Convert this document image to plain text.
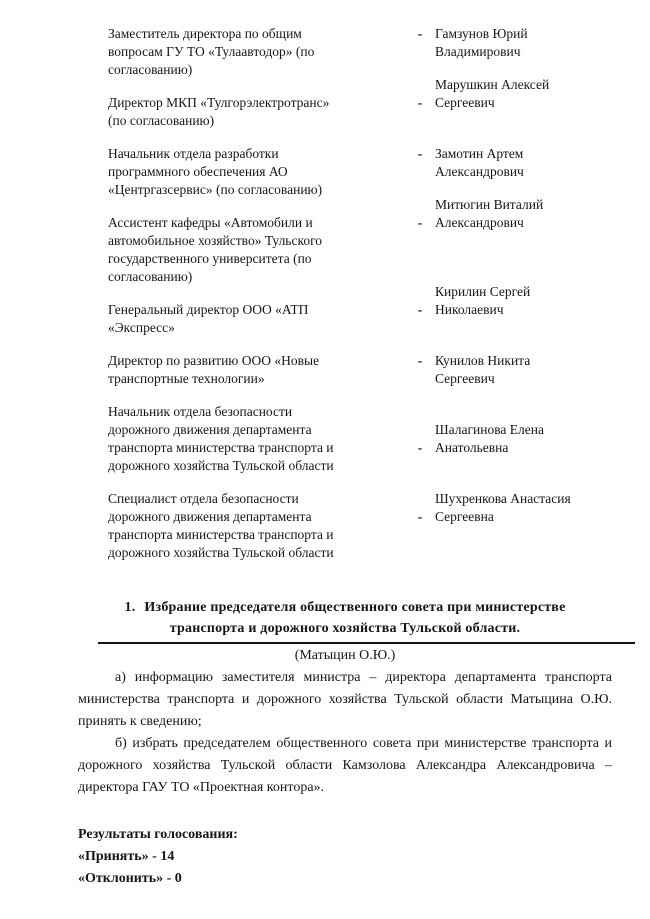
Заместитель директора по общим
вопросам ГУ ТО «Тулаавтодор» (по
согласованию)
- Гамзунов Юрий
Владимирович
Директор МКП «Тулгорэлектротранс»
(по согласованию)
-
Марушкин Алексей
Сергеевич
Начальник отдела разработки
программного обеспечения АО
«Центргазсервис» (по согласованию)
- Замотин Артем
Александрович
Ассистент кафедры «Автомобили и
автомобильное хозяйство» Тульского
государственного университета (по
согласованию)
-
Митюгин Виталий
Александрович
Генеральный директор ООО «АТП
«Экспресс»
-
Кирилин Сергей
Николаевич
Директор по развитию ООО «Новые
транспортные технологии»
- Кунилов Никита
Сергеевич
Начальник отдела безопасности
дорожного движения департамента
транспорта министерства транспорта и
дорожного хозяйства Тульской области
-
Шалагинова Елена
Анатольевна
Специалист отдела безопасности
дорожного движения департамента
транспорта министерства транспорта и
дорожного хозяйства Тульской области
-
Шухренкова Анастасия
Сергеевна
1. Избрание председателя общественного совета при министерстве
транспорта и дорожного хозяйства Тульской области.
(Матыцин О.Ю.)

а) информацию заместителя министра – директора департамента транспорта министерства транспорта и дорожного хозяйства Тульской области Матыцина О.Ю. принять к сведению;

б) избрать председателем общественного совета при министерстве транспорта и дорожного хозяйства Тульской области Камзолова Александра Александровича – директора ГАУ ТО «Проектная контора».

Результаты голосования:
«Принять» - 14
«Отклонить» - 0
